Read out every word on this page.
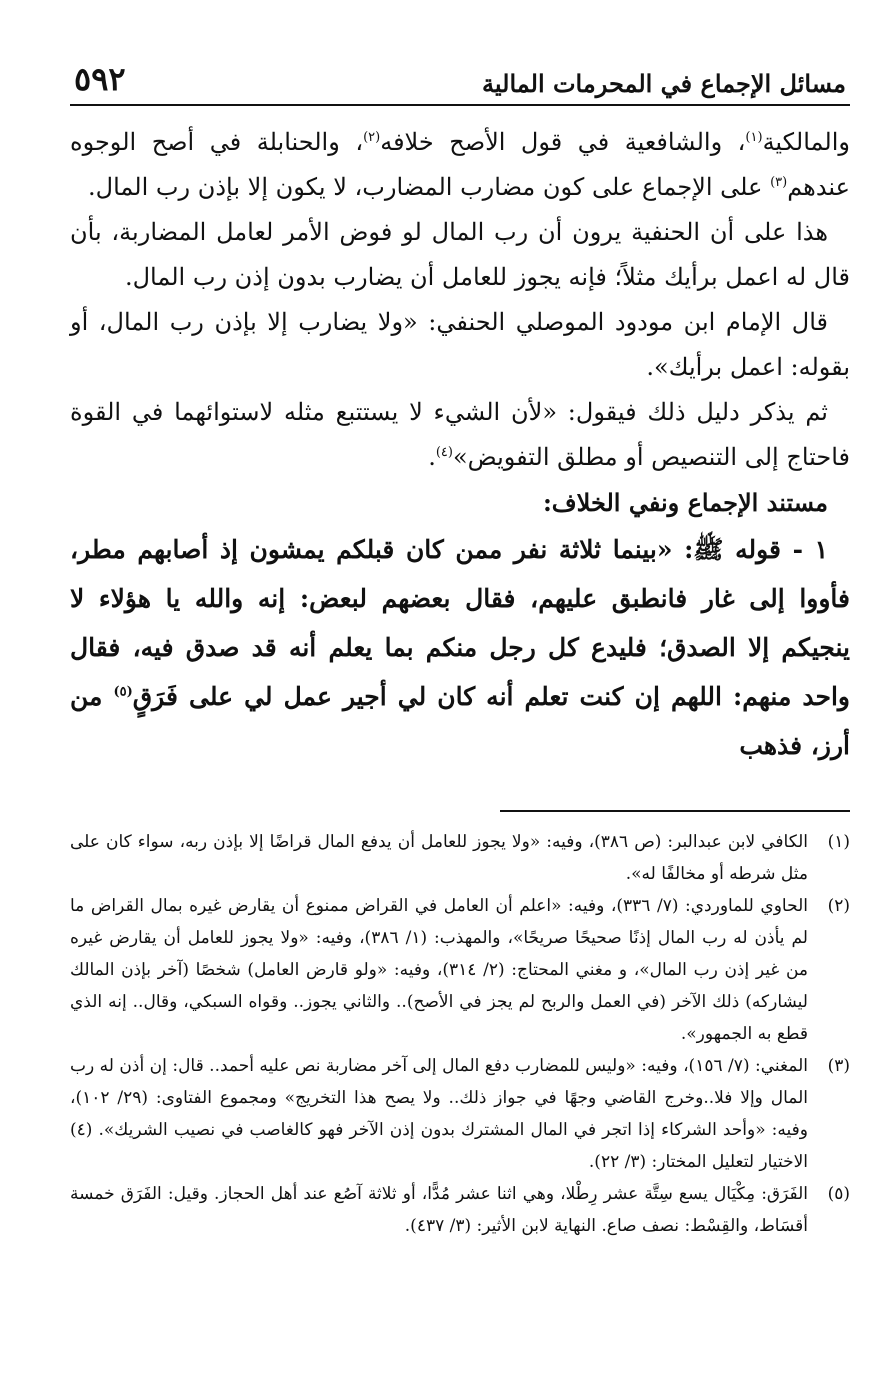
مسائل الإجماع في المحرمات المالية
٥٩٢

والمالكية$^{(١)}$، والشافعية في قول الأصح خلافه$^{(٢)}$، والحنابلة في أصح الوجوه عندهم$^{(٣)}$ على الإجماع على كون مضارب المضارب، لا يكون إلا بإذن رب المال.

هذا على أن الحنفية يرون أن رب المال لو فوض الأمر لعامل المضاربة، بأن قال له اعمل برأيك مثلاً؛ فإنه يجوز للعامل أن يضارب بدون إذن رب المال.

قال الإمام ابن مودود الموصلي الحنفي: «ولا يضارب إلا بإذن رب المال، أو بقوله: اعمل برأيك».

ثم يذكر دليل ذلك فيقول: «لأن الشيء لا يستتبع مثله لاستوائهما في القوة فاحتاج إلى التنصيص أو مطلق التفويض»$^{(٤)}$.

مستند الإجماع ونفي الخلاف:

١ - قوله ﷺ: «بينما ثلاثة نفر ممن كان قبلكم يمشون إذ أصابهم مطر، فأووا إلى غار فانطبق عليهم، فقال بعضهم لبعض: إنه والله يا هؤلاء لا ينجيكم إلا الصدق؛ فليدع كل رجل منكم بما يعلم أنه قد صدق فيه، فقال واحد منهم: اللهم إن كنت تعلم أنه كان لي أجير عمل لي على فَرَقٍ$^{(٥)}$ من أرز، فذهب

(١)
الكافي لابن عبدالبر: (ص ٣٨٦)، وفيه: «ولا يجوز للعامل أن يدفع المال قراضًا إلا بإذن ربه، سواء كان على مثل شرطه أو مخالفًا له».
(٢)
الحاوي للماوردي: (٧/ ٣٣٦)، وفيه: «اعلم أن العامل في القراض ممنوع أن يقارض غيره بمال القراض ما لم يأذن له رب المال إذنًا صحيحًا صريحًا»، والمهذب: (١/ ٣٨٦)، وفيه: «ولا يجوز للعامل أن يقارض غيره من غير إذن رب المال»، و مغني المحتاج: (٢/ ٣١٤)، وفيه: «ولو قارض العامل) شخصًا (آخر بإذن المالك ليشاركه) ذلك الآخر (في العمل والربح لم يجز في الأصح).. والثاني يجوز.. وقواه السبكي، وقال.. إنه الذي قطع به الجمهور».
(٣)
المغني: (٧/ ١٥٦)، وفيه: «وليس للمضارب دفع المال إلى آخر مضاربة نص عليه أحمد.. قال: إن أذن له رب المال وإلا فلا..وخرج القاضي وجهًا في جواز ذلك.. ولا يصح هذا التخريج» ومجموع الفتاوى: (٢٩/ ١٠٢)، وفيه: «وأحد الشركاء إذا اتجر في المال المشترك بدون إذن الآخر فهو كالغاصب في نصيب الشريك». (٤) الاختيار لتعليل المختار: (٣/ ٢٢).
(٥)
الفَرَق: مِكْيَال يسع سِتَّة عشر رِطْلا، وهي اثنا عشر مُدًّا، أو ثلاثة آصُع عند أهل الحجاز. وقيل: الفَرَق خمسة أقسَاط، والقِسْط: نصف صاع. النهاية لابن الأثير: (٣/ ٤٣٧).
